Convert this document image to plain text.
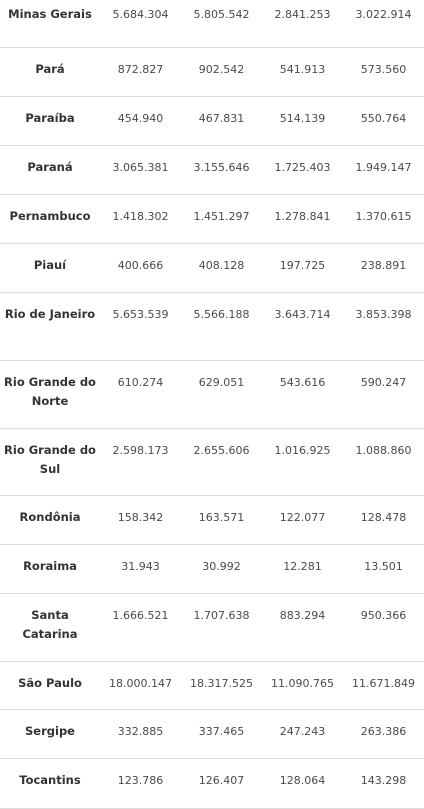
Minas Gerais	5.684.304	5.805.542	2.841.253	3.022.914

Pará	872.827	902.542	541.913	573.560

Paraíba	454.940	467.831	514.139	550.764

Paraná	3.065.381	3.155.646	1.725.403	1.949.147

Pernambuco	1.418.302	1.451.297	1.278.841	1.370.615

Piauí	400.666	408.128	197.725	238.891

Rio de Janeiro	5.653.539	5.566.188	3.643.714	3.853.398

Rio Grande do Norte	610.274	629.051	543.616	590.247

Rio Grande do Sul	2.598.173	2.655.606	1.016.925	1.088.860

Rondônia	158.342	163.571	122.077	128.478

Roraima	31.943	30.992	12.281	13.501

Santa Catarina	1.666.521	1.707.638	883.294	950.366

São Paulo	18.000.147	18.317.525	11.090.765	11.671.849

Sergipe	332.885	337.465	247.243	263.386

Tocantins	123.786	126.407	128.064	143.298
